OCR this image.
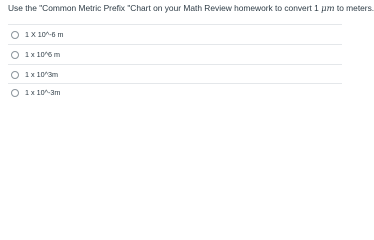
Use the "Common Metric Prefix "Chart on your Math Review homework to convert 1 μm to meters.
1 X 10^-6 m
1 x 10^6 m
1 x 10^3m
1 x 10^-3m
